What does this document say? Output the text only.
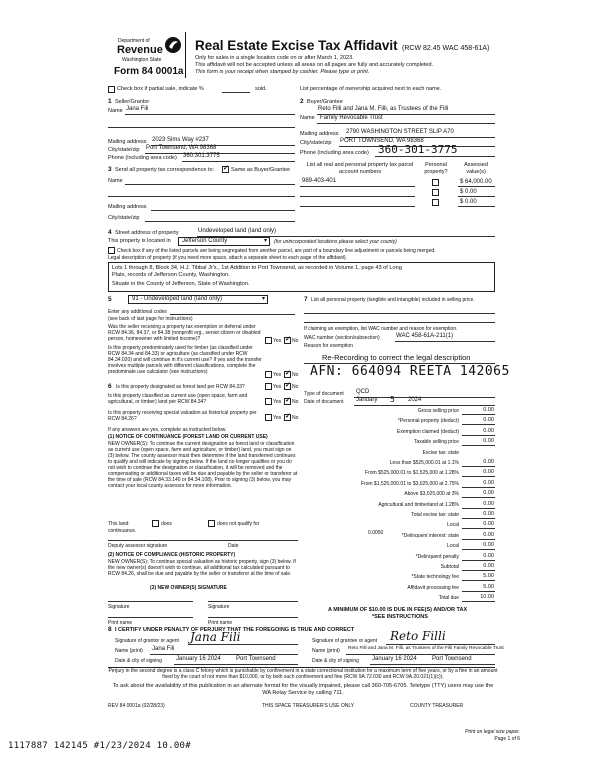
Department of
Revenue
Washington State
Form 84 0001a
Real Estate Excise Tax Affidavit (RCW 82.45 WAC 458-61A)
Only for sales in a single location code on or after March 1, 2023.
This affidavit will not be accepted unless all areas on all pages are fully and accurately completed.
This form is your receipt when stamped by cashier. Please type or print.
Check box if partial sale, indicate %	sold.	List percentage of ownership acquired next to each name.
1 Seller/Grantor
Name Jana Fili
Mailing address 2023 Sims Way #237
City/state/zip Port Townsend, WA 98368
Phone (including area code) 360.301.3775
2 Buyer/Grantee
Name
Reto Filli and Jana M. Filli, as Trustees of the Filli
Family Revocable Trust
Mailing address 2790 WASHINGTON STREET SLIP A70
City/state/zip PORT TOWNSEND, WA 98368
Phone (including area code) 360-301-3775
3 Send all property tax correspondence to: ✓	Same as Buyer/Grantee
Name
Mailing address
City/state/zip
List all real and personal property tax parcel account numbers
Personal property?
Assessed value(s)
989-403-401	$ 64,000.00
$ 0.00
$ 0.00
4 Street address of property	Undeveloped land (land only)
This property is located in Jefferson County	▾ (for unincorporated locations please select your county)
Check box if any of the listed parcels are being segregated from another parcel, are part of a boundary line adjustment or parcels being merged.
Legal description of property (if you need more space, attach a separate sheet to each page of the affidavit).
Lots 1 through 8, Block 34, H.J. Tibbal Jr's., 1st Addition to Port Townsend, as recorded in Volume 1, page 43 of Long
Plats, records of Jefferson County, Washington.
Situate in the County of Jefferson, State of Washington.
5	91 - Undeveloped land (land only)	▾
Enter any additional codes
(see back of last page for instructions)
Was the seller receiving a property tax exemption or deferral under RCW 84.36, 84.37, or 84.38 (nonprofit org., senior citizen or disabled person, homeowner with limited income)?	Yes ✓ No
Is this property predominately used for timber (as classified under RCW 84.34 and 84.33) or agriculture (as classified under RCW 84.34.020) and will continue in it's current use? If yes and the transfer involves multiple parcels with different classifications, complete the predominate use calculator (see instructions)	Yes ✓ No
6 Is this property designated as forest land per RCW 84.33?	Yes ✓ No
Is this property classified as current use (open space, farm and agricultural, or timber) land per RCW 84.34?	Yes ✓ No
Is this property receiving special valuation as historical property per RCW 84.26?	Yes ✓ No
If any answers are yes, complete as instructed below.
(1) NOTICE OF CONTINUANCE (FOREST LAND OR CURRENT USE)
NEW OWNER(S): To continue the current designation as forest land or classification as current use (open space, farm and agriculture, or timber) land, you must sign on (3) below. The county assessor must then determine if the land transferred continues to qualify and will indicate by signing below. If the land no longer qualifies or you do not wish to continue the designation or classification, it will be removed and the compensating or additional taxes will be due and payable by the seller or transferor at the time of sale (RCW 84.33.140 or 84.34.108). Prior to signing (3) below, you may contact your local county assessor for more information.
This land:	does	does not qualify for
continuance.
Deputy assessor signature	Date
(2) NOTICE OF COMPLIANCE (HISTORIC PROPERTY)
NEW OWNER(S): To continue special valuation as historic property, sign (3) below. If the new owner(s) doesn't wish to continue, all additional tax calculated pursuant to RCW 84.26, shall be due and payable by the seller or transferor at the time of sale.
(3) NEW OWNER(S) SIGNATURE
Signature	Signature
Print name	Print name
7 List all personal property (tangible and intangible) included in selling price.
If claiming an exemption, list WAC number and reason for exemption.
WAC number (section/subsection)	WAC 458-61A-211(1)
Reason for exemption
Re-Recording to correct the legal description
AFN: 664094 REETA 142065
Type of document QCD
Date of document January 5 2024
Gross selling price	0.00
*Personal property (deduct)	0.00
Exemption claimed (deduct)	0.00
Taxable selling price	0.00
Excise tax: state
Less than $525,000.01 at 1.1%	0.00
From $525,000.01 to $1,525,000 at 1.28%	0.00
From $1,525,000.01 to $3,025,000 at 2.75%	0.00
Above $3,025,000 at 3%	0.00
Agricultural and timberland at 1.28%	0.00
Total excise tax: state	0.00
Local	0.00
*Delinquent interest: state	0.00
Local	0.00
*Delinquent penalty	0.00
Subtotal	0.00
*State technology fee	5.00
Affidavit processing fee	5.00
Total due	10.00
0.0050
A MINIMUM OF $10.00 IS DUE IN FEE(S) AND/OR TAX
*SEE INSTRUCTIONS
8 I CERTIFY UNDER PENALTY OF PERJURY THAT THE FOREGOING IS TRUE AND CORRECT
Signature of grantor or agent Jana Fili
Name (print) Jana Fili
Date & city of signing January 16 2024	Port Townsend
Signature of grantee or agent Reto Filli
Name (print) Reto Filli and Jana M. Filli, as Trustees of the Filli Family Revocable Trust
Date & city of signing January 16 2024	Port Townsend
Perjury in the second degree is a class C felony which is punishable by confinement in a state correctional institution for a maximum term of five years, or by a fine in an amount fixed by the court of not more than $10,000, or by both such confinement and fine (RCW 9A.72.030 and RCW 9A.20.021(1)(c)).
To ask about the availability of this publication in an alternate format for the visually impaired, please call 360-705-6705. Teletype (TTY) users may use the WA Relay Service by calling 711.
REV 84 0001a (02/28/23)	THIS SPACE TREASURER'S USE ONLY	COUNTY TREASURER
Print on legal size paper.
Page 1 of 6
1117887 142145 #1/23/2024 10.00#
